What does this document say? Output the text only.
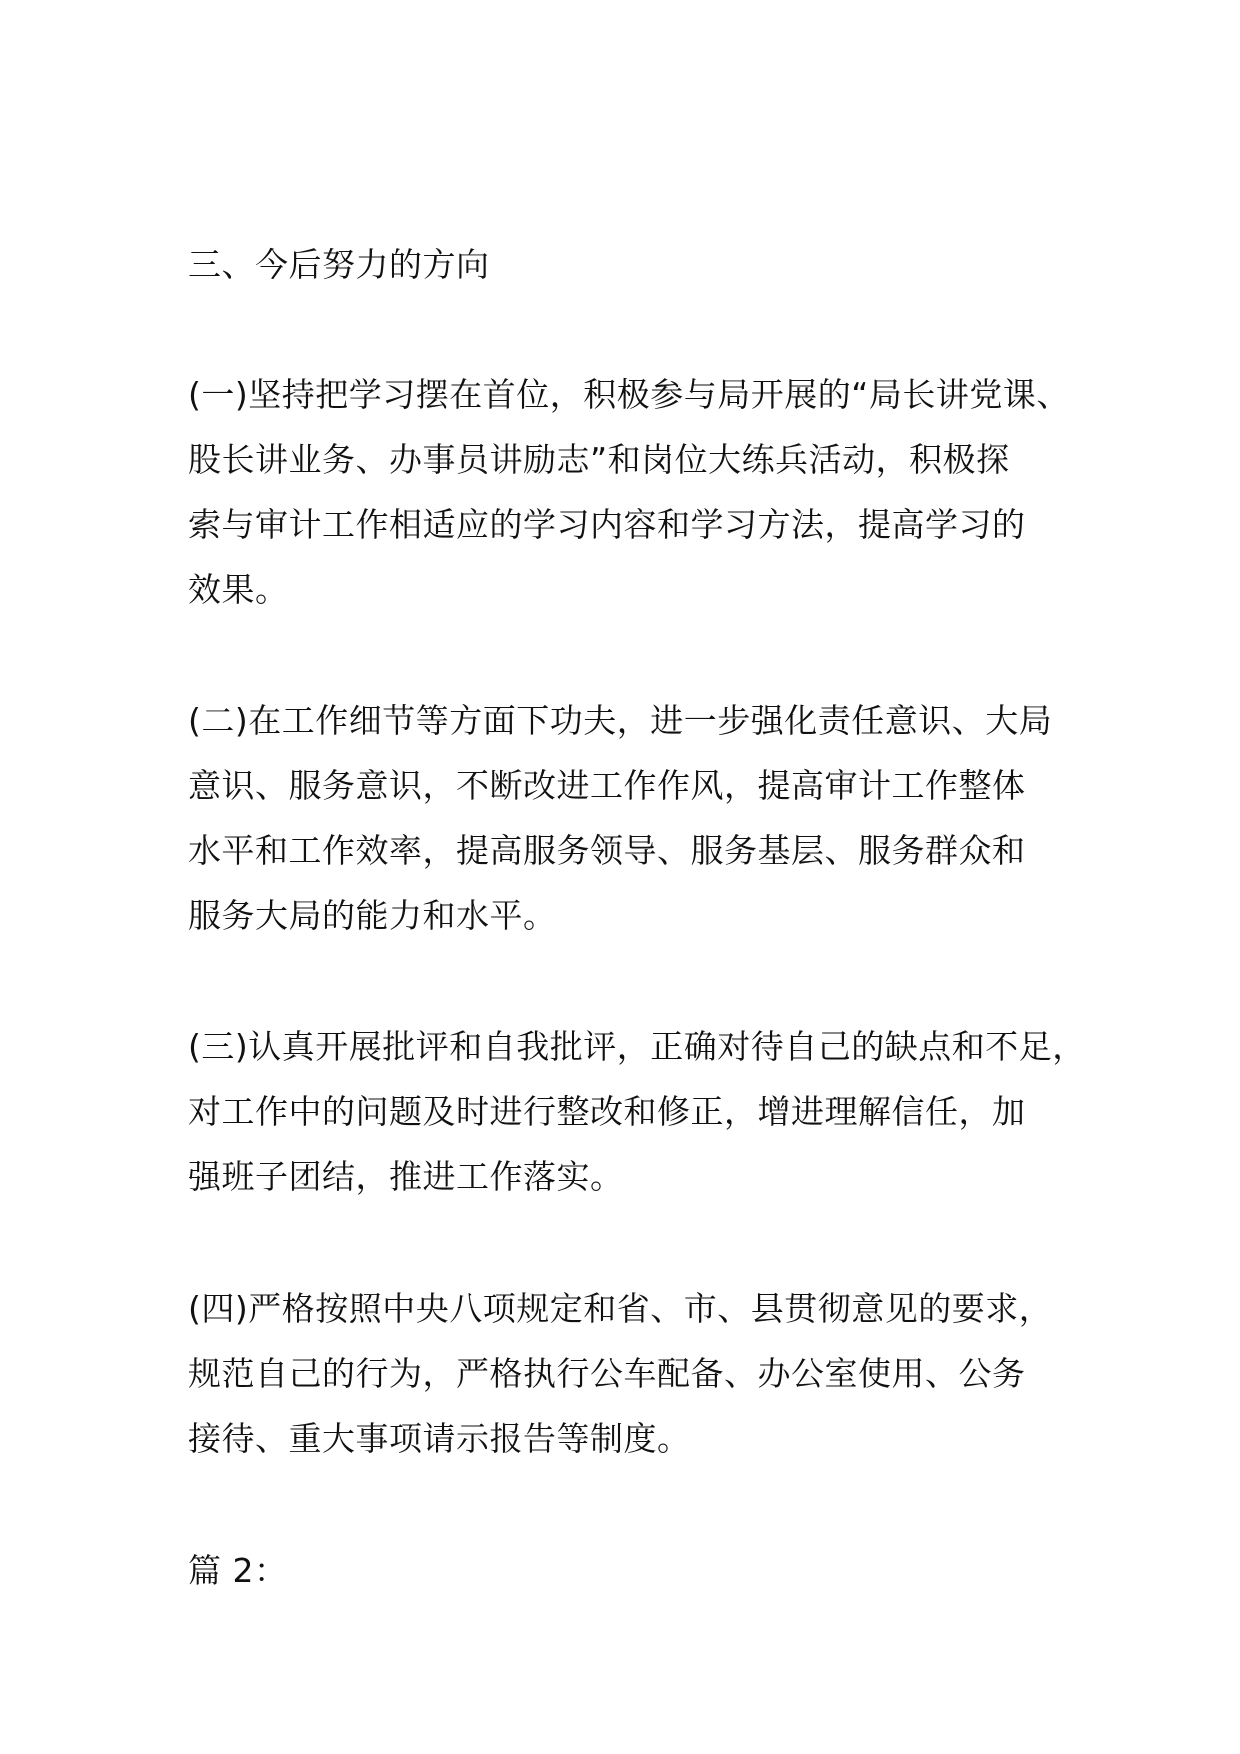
三、今后努力的方向
(一)坚持把学习摆在首位，积极参与局开展的“局长讲党课、
股长讲业务、办事员讲励志”和岗位大练兵活动，积极探
索与审计工作相适应的学习内容和学习方法，提高学习的
效果。
(二)在工作细节等方面下功夫，进一步强化责任意识、大局
意识、服务意识，不断改进工作作风，提高审计工作整体
水平和工作效率，提高服务领导、服务基层、服务群众和
服务大局的能力和水平。
(三)认真开展批评和自我批评，正确对待自己的缺点和不足，
对工作中的问题及时进行整改和修正，增进理解信任，加
强班子团结，推进工作落实。
(四)严格按照中央八项规定和省、市、县贯彻意见的要求，
规范自己的行为，严格执行公车配备、办公室使用、公务
接待、重大事项请示报告等制度。
篇 2：
